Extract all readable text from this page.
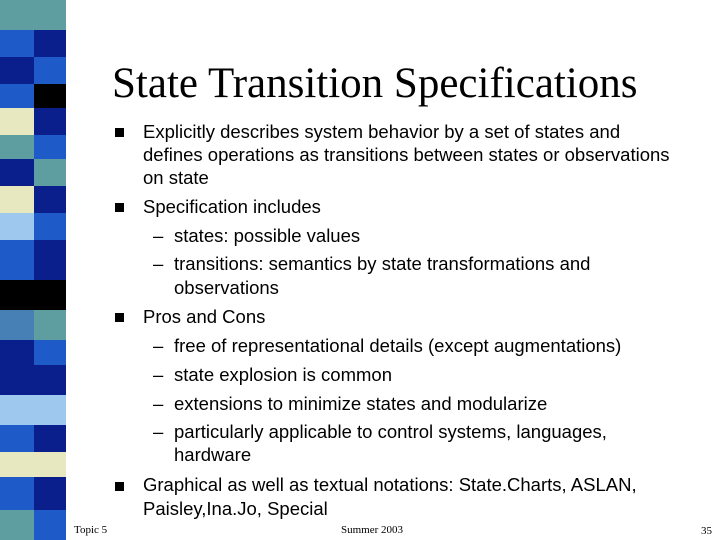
State Transition Specifications
Explicitly describes system behavior by a set of states and
defines operations as transitions between states or observations
on state
Specification includes
– states: possible values
– transitions: semantics by state transformations and
observations
Pros and Cons
– free of representational details (except augmentations)
– state explosion is common
– extensions to minimize states and modularize
– particularly applicable to control systems, languages,
hardware
Graphical as well as textual notations: State.Charts, ASLAN,
Paisley,Ina.Jo, Special
Topic 5	Summer 2003	35
